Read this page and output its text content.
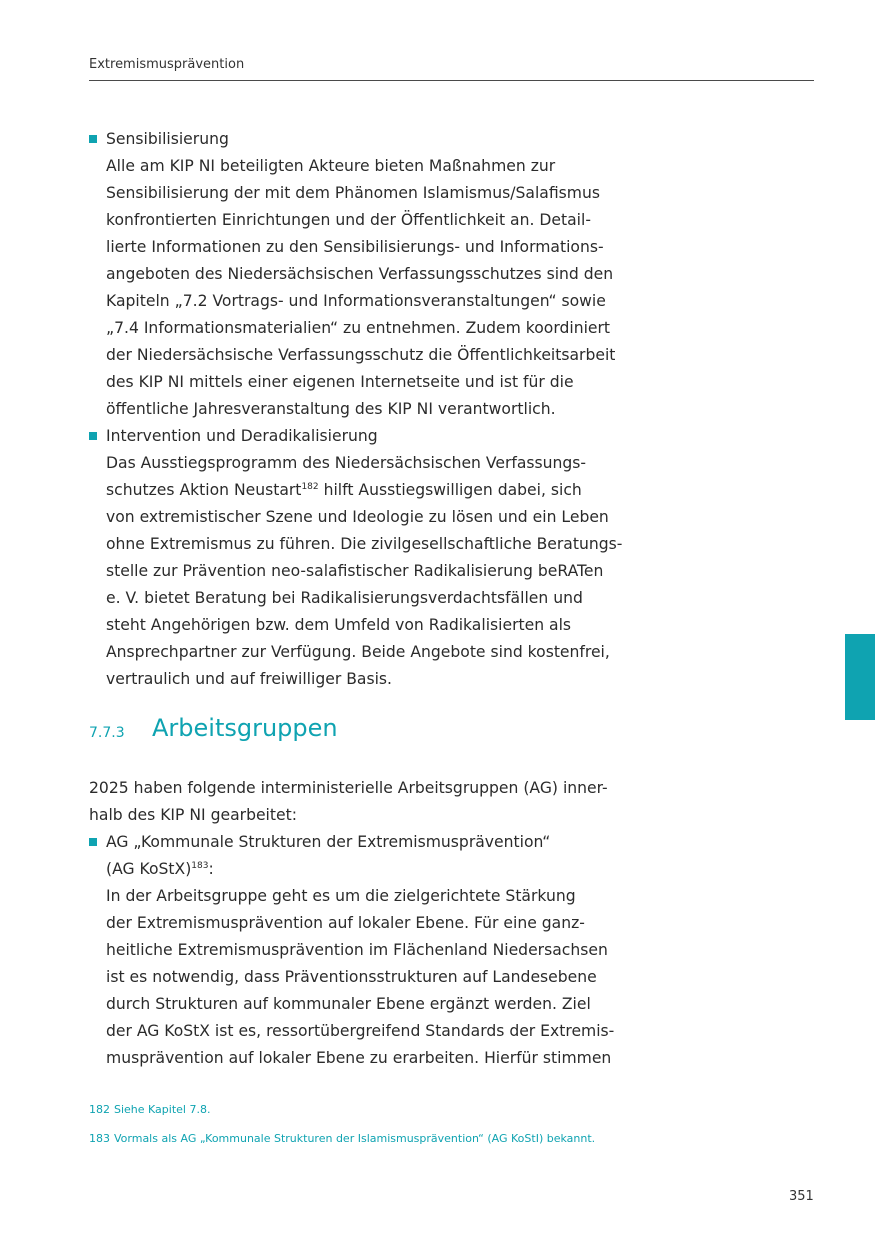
Extremismusprävention
Sensibilisierung
Alle am KIP NI beteiligten Akteure bieten Maßnahmen zur
Sensibilisierung der mit dem Phänomen Islamismus/Salafismus
konfrontierten Einrichtungen und der Öffentlichkeit an. Detail-
lierte Informationen zu den Sensibilisierungs- und Informations-
angeboten des Niedersächsischen Verfassungsschutzes sind den
Kapiteln „7.2 Vortrags- und Informationsveranstaltungen“ sowie
„7.4 Informationsmaterialien“ zu entnehmen. Zudem koordiniert
der Niedersächsische Verfassungsschutz die Öffentlichkeitsarbeit
des KIP NI mittels einer eigenen Internetseite und ist für die
öffentliche Jahresveranstaltung des KIP NI verantwortlich.
Intervention und Deradikalisierung
Das Ausstiegsprogramm des Niedersächsischen Verfassungs-
schutzes Aktion Neustart$^{182}$ hilft Ausstiegswilligen dabei, sich
von extremistischer Szene und Ideologie zu lösen und ein Leben
ohne Extremismus zu führen. Die zivilgesellschaftliche Beratungs-
stelle zur Prävention neo-salafistischer Radikalisierung beRATen
e. V. bietet Beratung bei Radikalisierungsverdachtsfällen und
steht Angehörigen bzw. dem Umfeld von Radikalisierten als
Ansprechpartner zur Verfügung. Beide Angebote sind kostenfrei,
vertraulich und auf freiwilliger Basis.
7.7.3	Arbeitsgruppen

2025 haben folgende interministerielle Arbeitsgruppen (AG) inner-
halb des KIP NI gearbeitet:

AG „Kommunale Strukturen der Extremismusprävention“
(AG KoStX)$^{183}$:
In der Arbeitsgruppe geht es um die zielgerichtete Stärkung
der Extremismusprävention auf lokaler Ebene. Für eine ganz-
heitliche Extremismusprävention im Flächenland Niedersachsen
ist es notwendig, dass Präventionsstrukturen auf Landesebene
durch Strukturen auf kommunaler Ebene ergänzt werden. Ziel
der AG KoStX ist es, ressortübergreifend Standards der Extremis-
musprävention auf lokaler Ebene zu erarbeiten. Hierfür stimmen

182 Siehe Kapitel 7.8.

183 Vormals als AG „Kommunale Strukturen der Islamismusprävention“ (AG KoStI) bekannt.

351
